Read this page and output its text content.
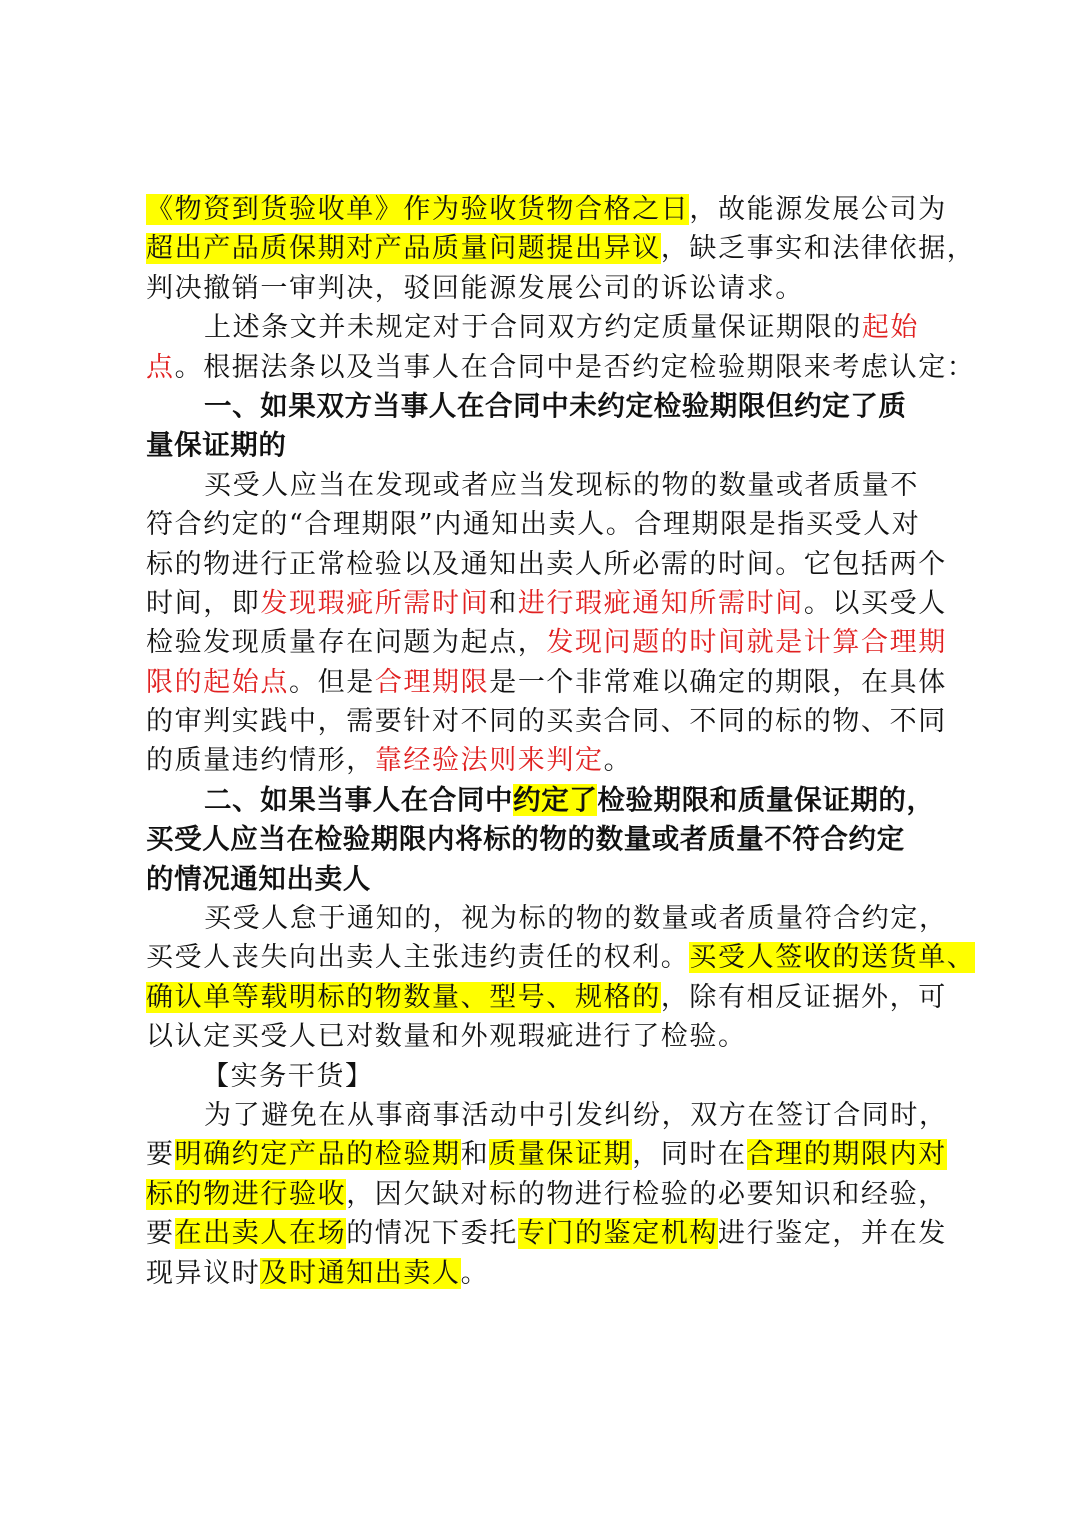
《物资到货验收单》作为验收货物合格之日，故能源发展公司为
超出产品质保期对产品质量问题提出异议，缺乏事实和法律依据，
判决撤销一审判决，驳回能源发展公司的诉讼请求。
上述条文并未规定对于合同双方约定质量保证期限的起始
点。根据法条以及当事人在合同中是否约定检验期限来考虑认定：
一、如果双方当事人在合同中未约定检验期限但约定了质
量保证期的
买受人应当在发现或者应当发现标的物的数量或者质量不
符合约定的“合理期限”内通知出卖人。合理期限是指买受人对
标的物进行正常检验以及通知出卖人所必需的时间。它包括两个
时间，即发现瑕疵所需时间和进行瑕疵通知所需时间。以买受人
检验发现质量存在问题为起点，发现问题的时间就是计算合理期
限的起始点。但是合理期限是一个非常难以确定的期限，在具体
的审判实践中，需要针对不同的买卖合同、不同的标的物、不同
的质量违约情形，靠经验法则来判定。
二、如果当事人在合同中约定了检验期限和质量保证期的，
买受人应当在检验期限内将标的物的数量或者质量不符合约定
的情况通知出卖人
买受人怠于通知的，视为标的物的数量或者质量符合约定，
买受人丧失向出卖人主张违约责任的权利。买受人签收的送货单、
确认单等载明标的物数量、型号、规格的，除有相反证据外，可
以认定买受人已对数量和外观瑕疵进行了检验。
【实务干货】
为了避免在从事商事活动中引发纠纷，双方在签订合同时，
要明确约定产品的检验期和质量保证期，同时在合理的期限内对
标的物进行验收，因欠缺对标的物进行检验的必要知识和经验，
要在出卖人在场的情况下委托专门的鉴定机构进行鉴定，并在发
现异议时及时通知出卖人。
